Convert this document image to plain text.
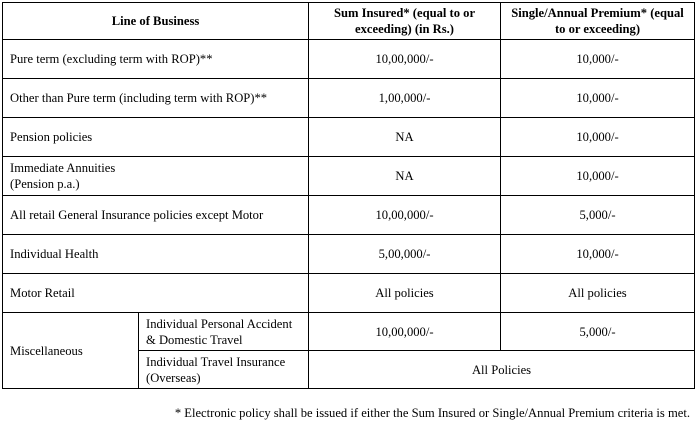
Line of Business		Sum Insured* (equal to or exceeding) (in Rs.)	Single/Annual Premium* (equal to or exceeding)
Pure term (excluding term with ROP)**		10,00,000/-	10,000/-
Other than Pure term (including term with ROP)**		1,00,000/-	10,000/-
Pension policies		NA	10,000/-

Immediate Annuities (Pension p.a.)		NA	10,000/-
All retail General Insurance policies except Motor		10,00,000/-	5,000/-
Individual Health		5,00,000/-	10,000/-
Motor Retail		All policies	All policies
Miscellaneous	Individual Personal Accident & Domestic Travel	10,00,000/-	5,000/-
	Individual Travel Insurance (Overseas)	All Policies	
* Electronic policy shall be issued if either the Sum Insured or Single/Annual Premium criteria is met.
